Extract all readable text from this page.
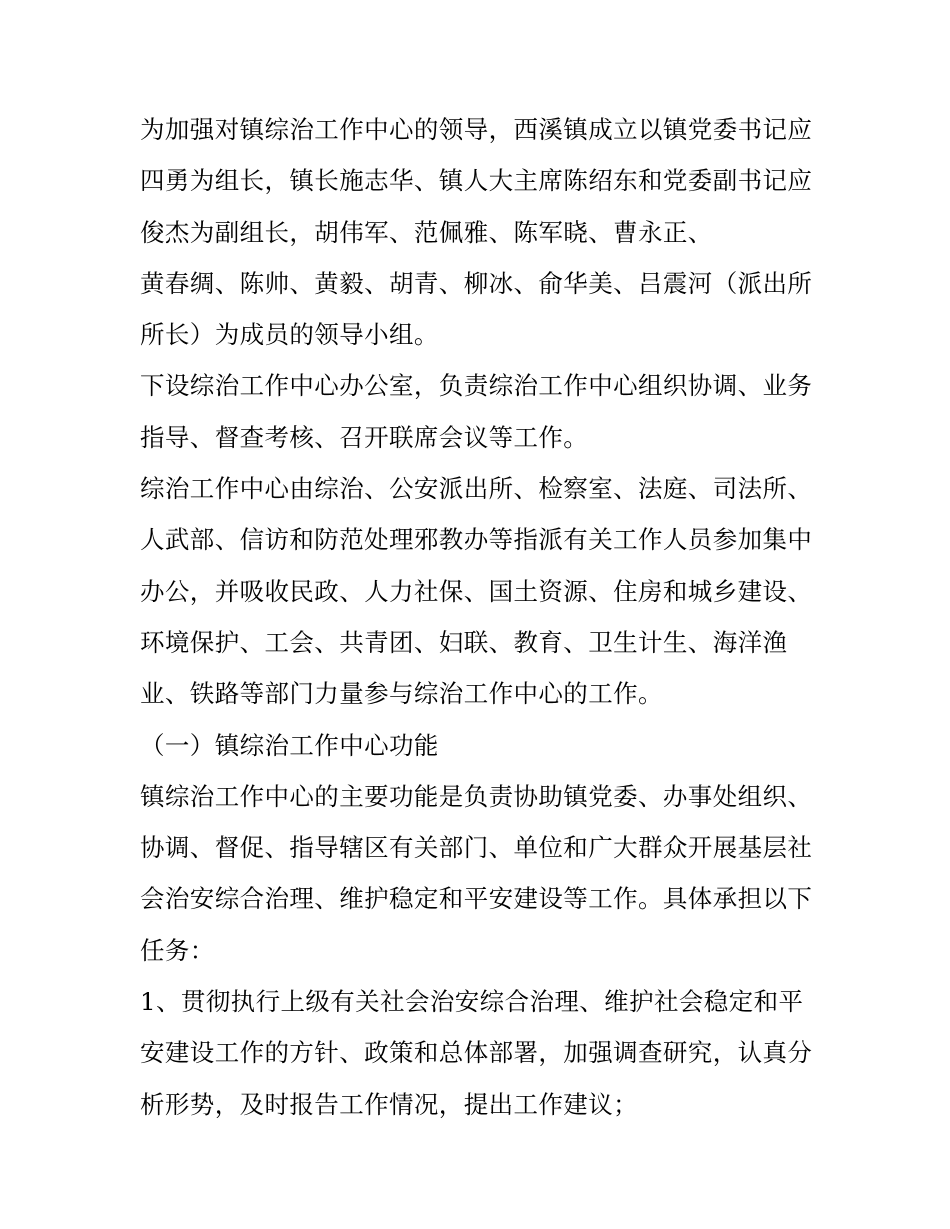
为加强对镇综治工作中心的领导，西溪镇成立以镇党委书记应
四勇为组长，镇长施志华、镇人大主席陈绍东和党委副书记应
俊杰为副组长，胡伟军、范佩雅、陈军晓、曹永正、
黄春绸、陈帅、黄毅、胡青、柳冰、俞华美、吕震河（派出所
所长）为成员的领导小组。
下设综治工作中心办公室，负责综治工作中心组织协调、业务
指导、督查考核、召开联席会议等工作。
综治工作中心由综治、公安派出所、检察室、法庭、司法所、
人武部、信访和防范处理邪教办等指派有关工作人员参加集中
办公，并吸收民政、人力社保、国土资源、住房和城乡建设、
环境保护、工会、共青团、妇联、教育、卫生计生、海洋渔
业、铁路等部门力量参与综治工作中心的工作。
（一）镇综治工作中心功能
镇综治工作中心的主要功能是负责协助镇党委、办事处组织、
协调、督促、指导辖区有关部门、单位和广大群众开展基层社
会治安综合治理、维护稳定和平安建设等工作。具体承担以下
任务：
1、贯彻执行上级有关社会治安综合治理、维护社会稳定和平
安建设工作的方针、政策和总体部署，加强调查研究，认真分
析形势，及时报告工作情况，提出工作建议；
